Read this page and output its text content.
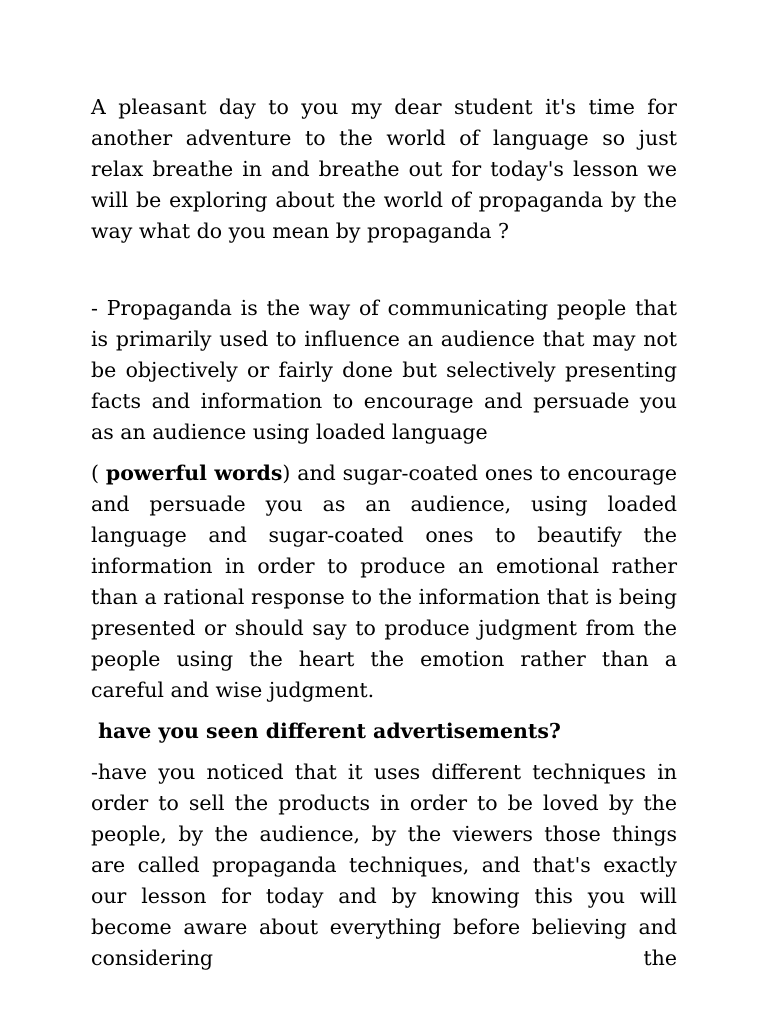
A pleasant day to you my dear student it's time for another adventure to the world of language so just relax breathe in and breathe out for today's lesson we will be exploring about the world of propaganda by the way what do you mean by propaganda ?

- Propaganda is the way of communicating people that is primarily used to influence an audience that may not be objectively or fairly done but selectively presenting facts and information to encourage and persuade you as an audience using loaded language

( powerful words) and sugar-coated ones to encourage and persuade you as an audience, using loaded language and sugar-coated ones to beautify the information in order to produce an emotional rather than a rational response to the information that is being presented or should say to produce judgment from the people using the heart the emotion rather than a careful and wise judgment.

have you seen different advertisements?

-have you noticed that it uses different techniques in order to sell the products in order to be loved by the people, by the audience, by the viewers those things are called propaganda techniques, and that's exactly our lesson for today and by knowing this you will become aware about everything before believing and considering the
